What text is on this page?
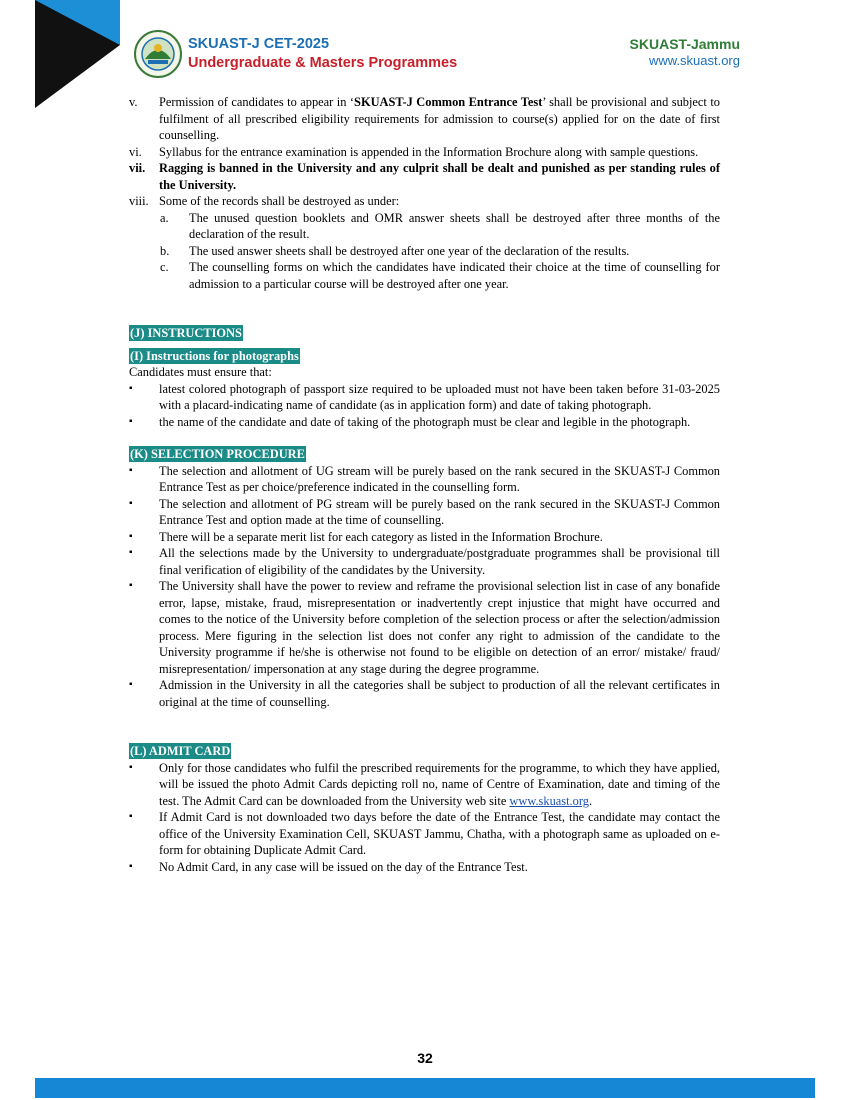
SKUAST-J CET-2025
Undergraduate & Masters Programmes
SKUAST-Jammu
www.skuast.org
v. Permission of candidates to appear in ‘SKUAST-J Common Entrance Test’ shall be provisional and subject to fulfilment of all prescribed eligibility requirements for admission to course(s) applied for on the date of first counselling.
vi. Syllabus for the entrance examination is appended in the Information Brochure along with sample questions.
vii. Ragging is banned in the University and any culprit shall be dealt and punished as per standing rules of the University.
viii. Some of the records shall be destroyed as under:
a. The unused question booklets and OMR answer sheets shall be destroyed after three months of the declaration of the result.
b. The used answer sheets shall be destroyed after one year of the declaration of the results.
c. The counselling forms on which the candidates have indicated their choice at the time of counselling for admission to a particular course will be destroyed after one year.
(J) INSTRUCTIONS
(I) Instructions for photographs
Candidates must ensure that:
▪ latest colored photograph of passport size required to be uploaded must not have been taken before 31-03-2025 with a placard-indicating name of candidate (as in application form) and date of taking photograph.
▪ the name of the candidate and date of taking of the photograph must be clear and legible in the photograph.
(K) SELECTION PROCEDURE
▪ The selection and allotment of UG stream will be purely based on the rank secured in the SKUAST-J Common Entrance Test as per choice/preference indicated in the counselling form.
▪ The selection and allotment of PG stream will be purely based on the rank secured in the SKUAST-J Common Entrance Test and option made at the time of counselling.
▪ There will be a separate merit list for each category as listed in the Information Brochure.
▪ All the selections made by the University to undergraduate/postgraduate programmes shall be provisional till final verification of eligibility of the candidates by the University.
▪ The University shall have the power to review and reframe the provisional selection list in case of any bonafide error, lapse, mistake, fraud, misrepresentation or inadvertently crept injustice that might have occurred and comes to the notice of the University before completion of the selection process or after the selection/admission process. Mere figuring in the selection list does not confer any right to admission of the candidate to the University programme if he/she is otherwise not found to be eligible on detection of an error/ mistake/ fraud/ misrepresentation/ impersonation at any stage during the degree programme.
▪ Admission in the University in all the categories shall be subject to production of all the relevant certificates in original at the time of counselling.
(L) ADMIT CARD
▪ Only for those candidates who fulfil the prescribed requirements for the programme, to which they have applied, will be issued the photo Admit Cards depicting roll no, name of Centre of Examination, date and timing of the test. The Admit Card can be downloaded from the University web site www.skuast.org.
▪ If Admit Card is not downloaded two days before the date of the Entrance Test, the candidate may contact the office of the University Examination Cell, SKUAST Jammu, Chatha, with a photograph same as uploaded on e-form for obtaining Duplicate Admit Card.
▪ No Admit Card, in any case will be issued on the day of the Entrance Test.
32
